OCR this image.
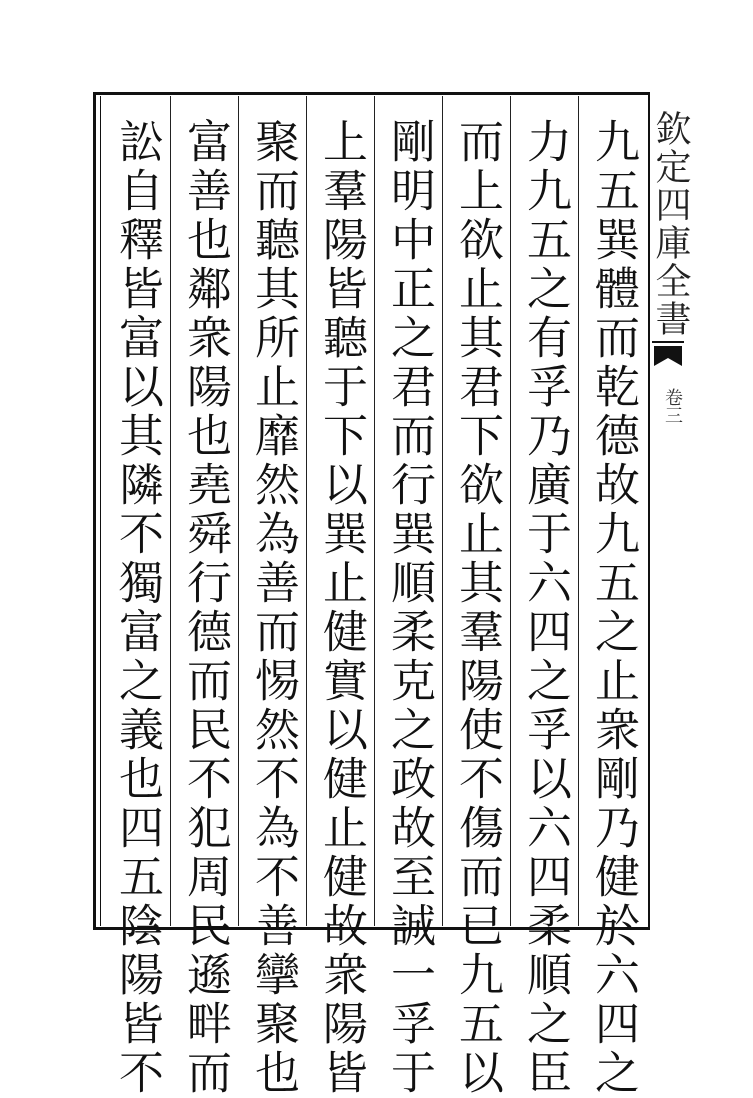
欽定四庫全書
卷三
九五巽體而乾德故九五之止衆剛乃健於六四之
力九五之有孚乃廣于六四之孚以六四柔順之臣
而上欲止其君下欲止其羣陽使不傷而已九五以
剛明中正之君而行巽順柔克之政故至誠一孚于
上羣陽皆聽于下以巽止健實以健止健故衆陽皆
聚而聽其所止靡然為善而惕然不為不善攣聚也
富善也鄰衆陽也堯舜行德而民不犯周民遜畔而
訟自釋皆富以其隣不獨富之義也四五陰陽皆不
